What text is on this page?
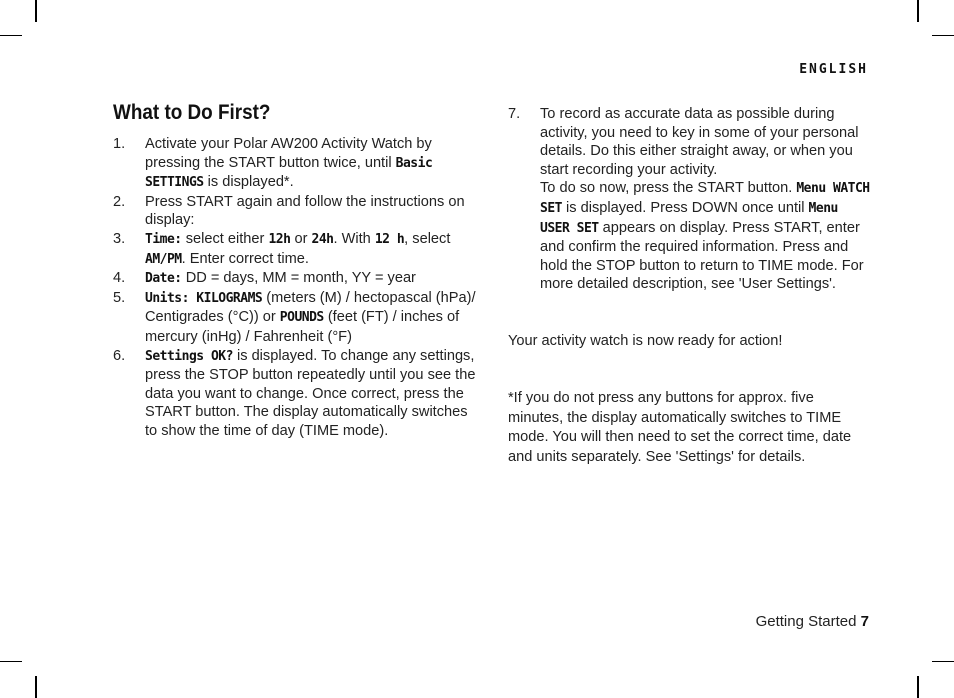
ENGLISH
What to Do First?
1. Activate your Polar AW200 Activity Watch by pressing the START button twice, until Basic SETTINGS is displayed*.
2. Press START again and follow the instructions on display:
3. Time: select either 12h or 24h. With 12 h, select AM/PM. Enter correct time.
4. Date: DD = days, MM = month, YY = year
5. Units: KILOGRAMS (meters (M) / hectopascal (hPa)/ Centigrades (°C)) or POUNDS (feet (FT) / inches of mercury (inHg) / Fahrenheit (°F)
6. Settings OK? is displayed. To change any settings, press the STOP button repeatedly until you see the data you want to change. Once correct, press the START button. The display automatically switches to show the time of day (TIME mode).
7. To record as accurate data as possible during activity, you need to key in some of your personal details. Do this either straight away, or when you start recording your activity.
To do so now, press the START button. Menu WATCH SET is displayed. Press DOWN once until Menu USER SET appears on display. Press START, enter and confirm the required information. Press and hold the STOP button to return to TIME mode. For more detailed description, see 'User Settings'.

Your activity watch is now ready for action!

*If you do not press any buttons for approx. five minutes, the display automatically switches to TIME mode. You will then need to set the correct time, date and units separately. See 'Settings' for details.

Getting Started 7
